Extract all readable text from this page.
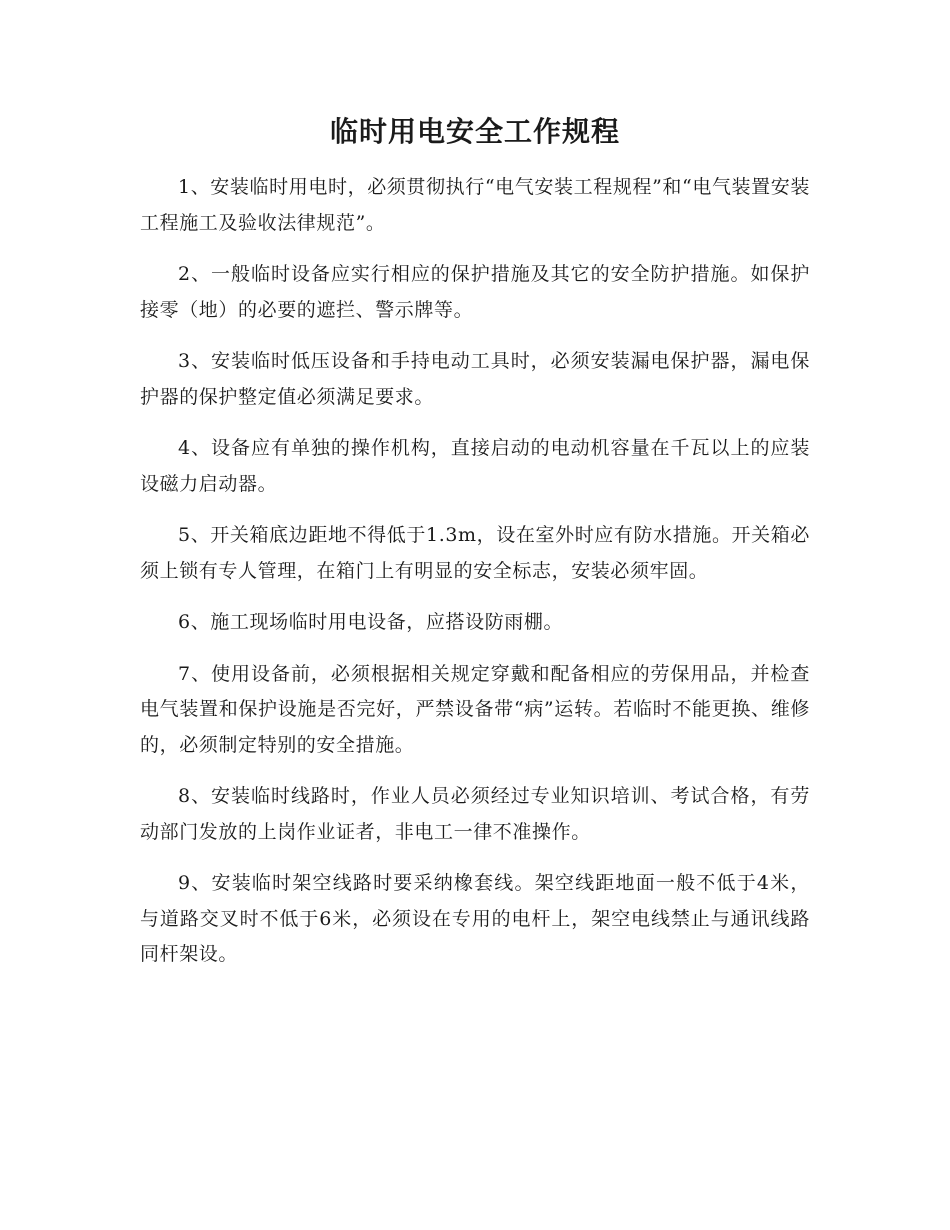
临时用电安全工作规程

1、安装临时用电时，必须贯彻执行“电气安装工程规程”和“电气装置安装工程施工及验收法律规范”。

2、一般临时设备应实行相应的保护措施及其它的安全防护措施。如保护接零（地）的必要的遮拦、警示牌等。

3、安装临时低压设备和手持电动工具时，必须安装漏电保护器，漏电保护器的保护整定值必须满足要求。

4、设备应有单独的操作机构，直接启动的电动机容量在千瓦以上的应装设磁力启动器。

5、开关箱底边距地不得低于1.3m，设在室外时应有防水措施。开关箱必须上锁有专人管理，在箱门上有明显的安全标志，安装必须牢固。

6、施工现场临时用电设备，应搭设防雨棚。

7、使用设备前，必须根据相关规定穿戴和配备相应的劳保用品，并检查电气装置和保护设施是否完好，严禁设备带“病”运转。若临时不能更换、维修的，必须制定特别的安全措施。

8、安装临时线路时，作业人员必须经过专业知识培训、考试合格，有劳动部门发放的上岗作业证者，非电工一律不准操作。

9、安装临时架空线路时要采纳橡套线。架空线距地面一般不低于4米，与道路交叉时不低于6米，必须设在专用的电杆上，架空电线禁止与通讯线路同杆架设。
